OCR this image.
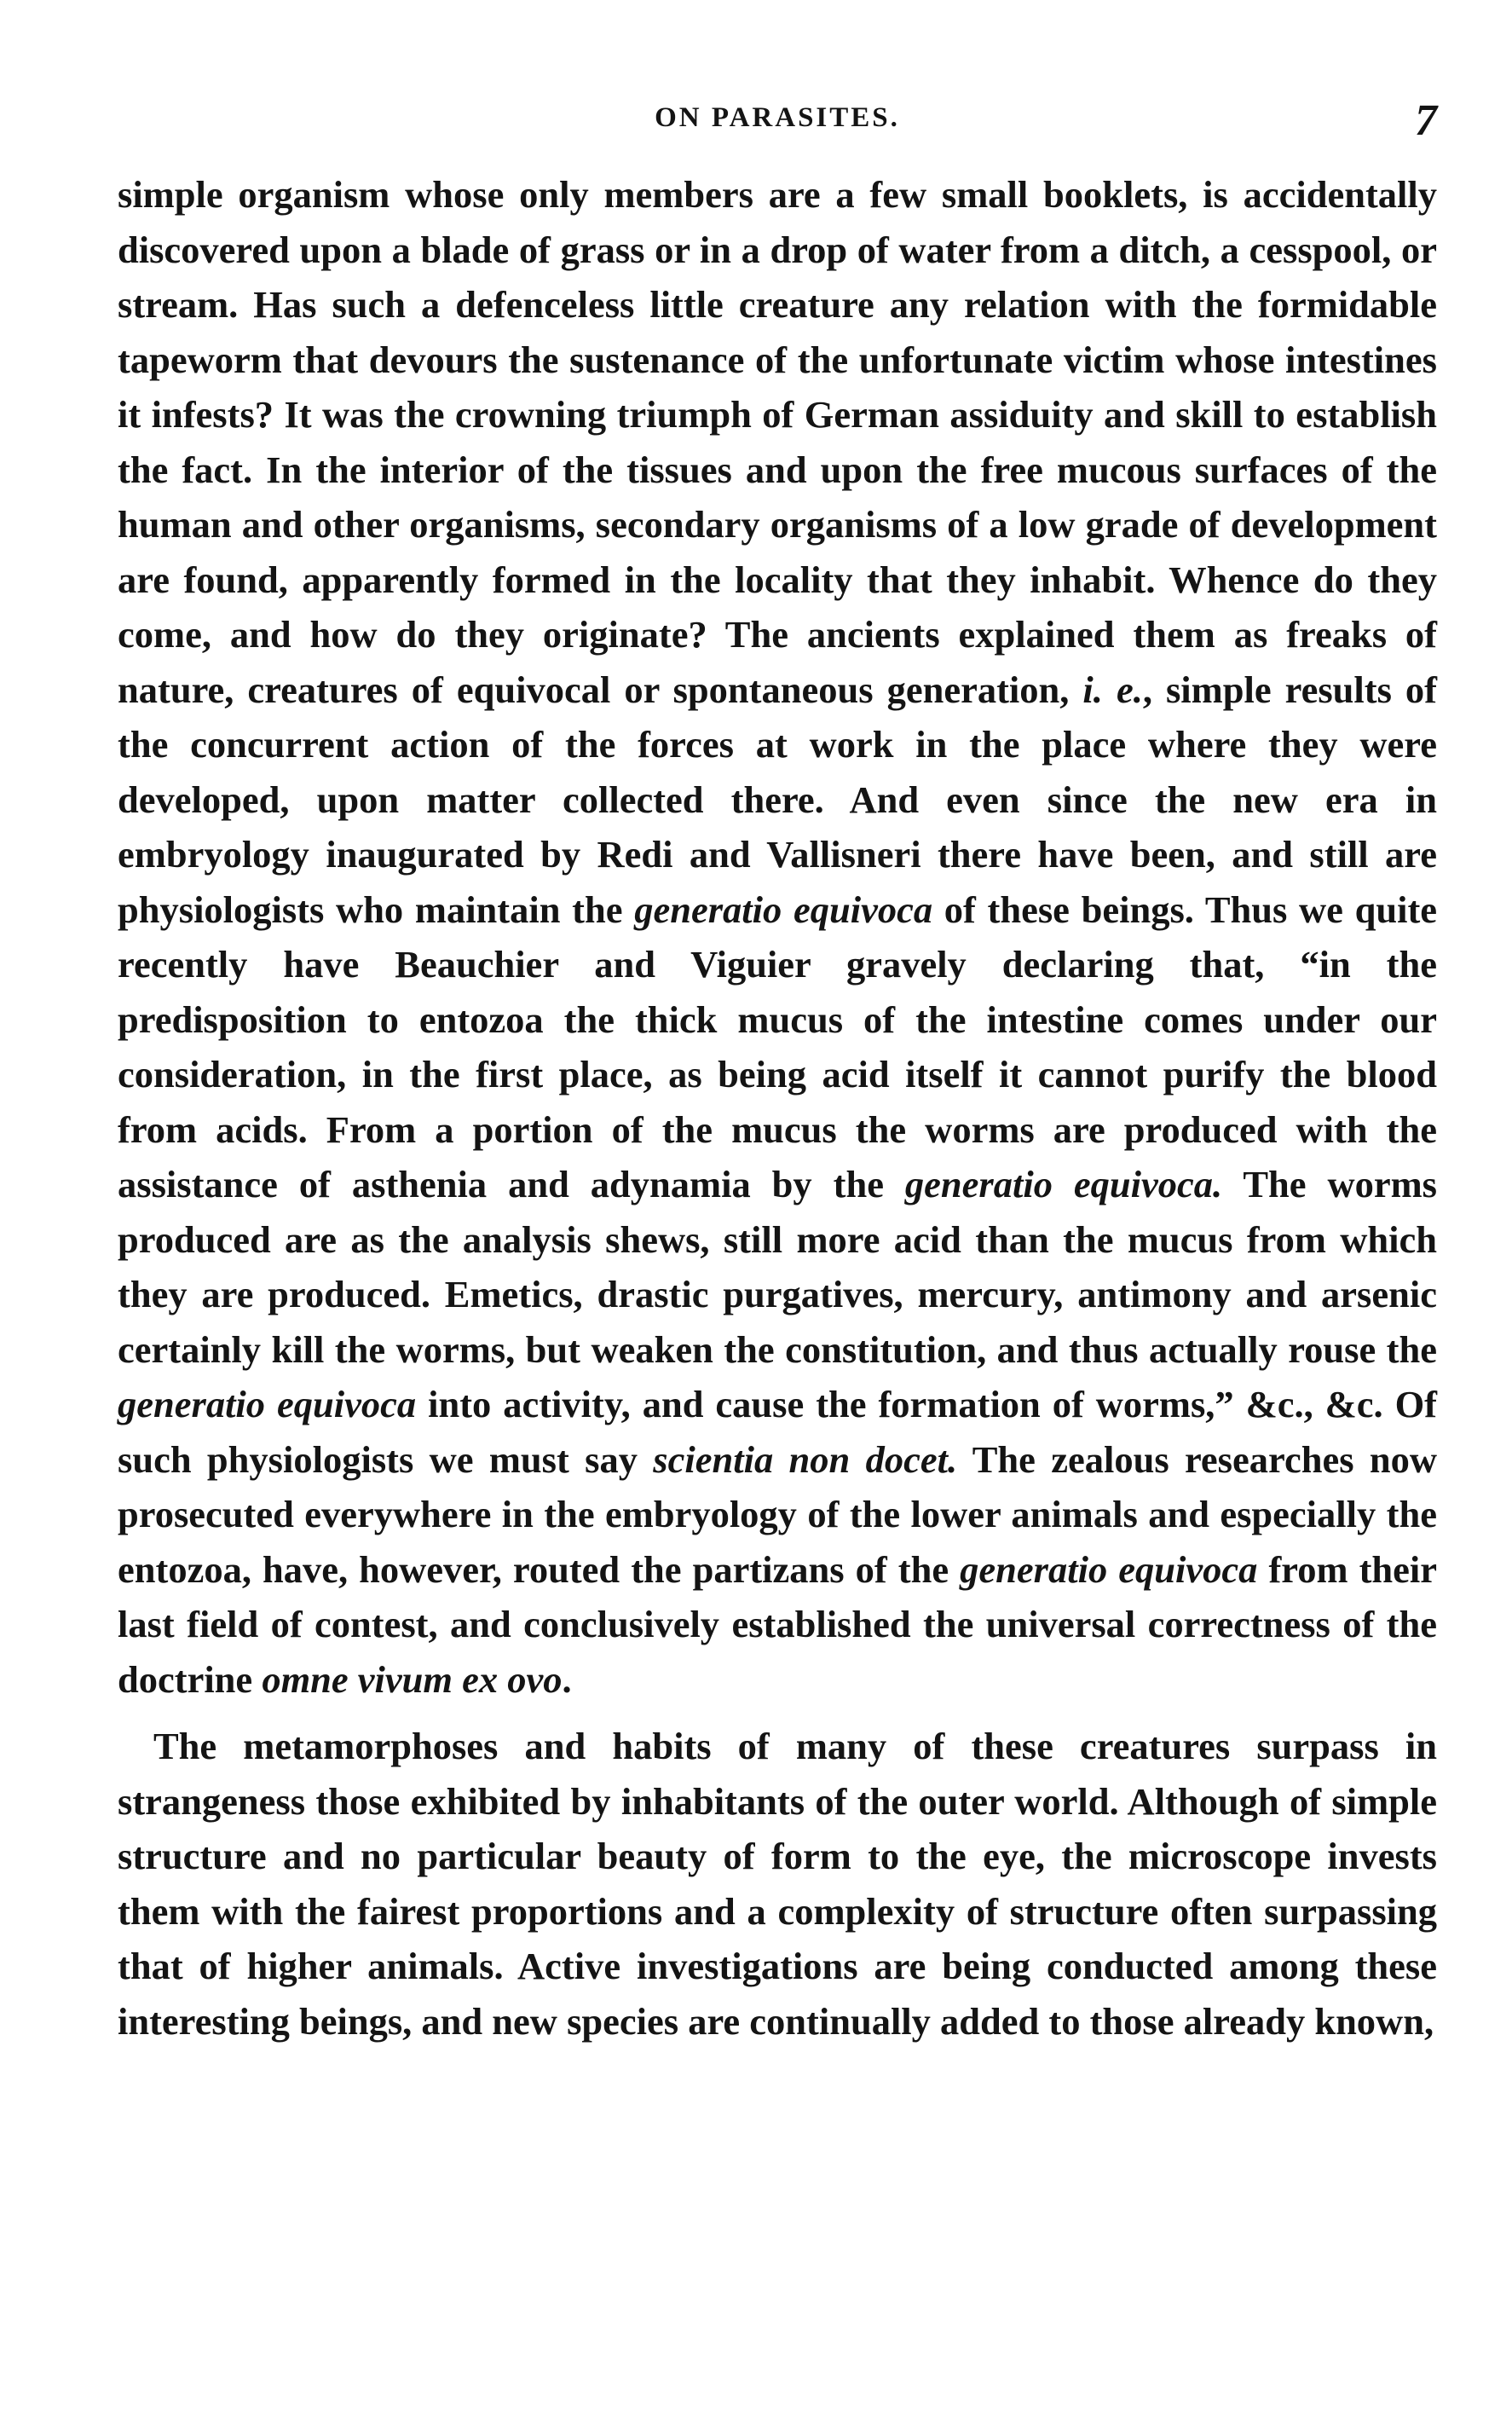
ON PARASITES.	7

simple organism whose only members are a few small booklets, is accidentally discovered upon a blade of grass or in a drop of water from a ditch, a cesspool, or stream. Has such a defenceless little creature any relation with the formidable tapeworm that devours the sustenance of the unfortunate victim whose intestines it infests? It was the crowning triumph of German assiduity and skill to establish the fact. In the interior of the tissues and upon the free mucous surfaces of the human and other organisms, secondary organisms of a low grade of development are found, apparently formed in the locality that they inhabit. Whence do they come, and how do they originate? The ancients explained them as freaks of nature, creatures of equivocal or spontaneous generation, i. e., simple results of the concurrent action of the forces at work in the place where they were developed, upon matter collected there. And even since the new era in embryology inaugurated by Redi and Vallisneri there have been, and still are physiologists who maintain the generatio equivoca of these beings. Thus we quite recently have Beauchier and Viguier gravely declaring that, “in the predisposition to entozoa the thick mucus of the intestine comes under our consideration, in the first place, as being acid itself it cannot purify the blood from acids. From a portion of the mucus the worms are produced with the assistance of asthenia and adynamia by the generatio equivoca. The worms produced are as the analysis shews, still more acid than the mucus from which they are produced. Emetics, drastic purgatives, mercury, antimony and arsenic certainly kill the worms, but weaken the constitution, and thus actually rouse the generatio equivoca into activity, and cause the formation of worms,” &c., &c. Of such physiologists we must say scientia non docet. The zealous researches now prosecuted everywhere in the embryology of the lower animals and especially the entozoa, have, however, routed the partizans of the generatio equivoca from their last field of contest, and conclusively established the universal correctness of the doctrine omne vivum ex ovo.

The metamorphoses and habits of many of these creatures surpass in strangeness those exhibited by inhabitants of the outer world. Although of simple structure and no particular beauty of form to the eye, the microscope invests them with the fairest proportions and a complexity of structure often surpassing that of higher animals. Active investigations are being conducted among these interesting beings, and new species are continually added to those already known,
